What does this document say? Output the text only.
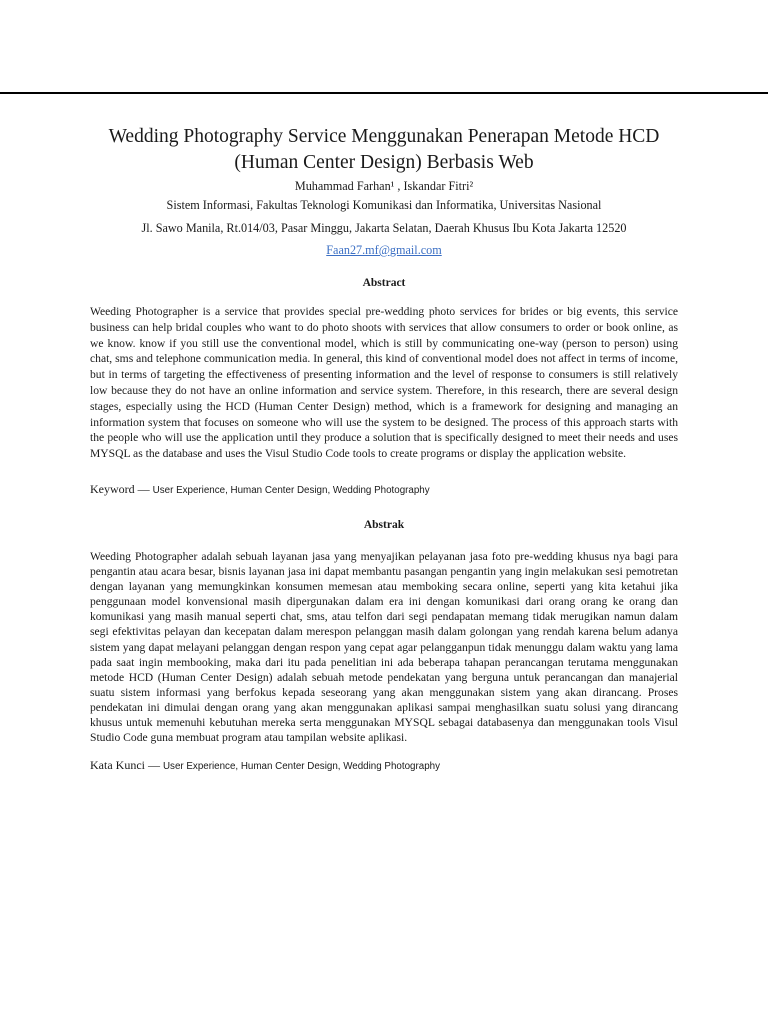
Wedding Photography Service Menggunakan Penerapan Metode HCD
(Human Center Design) Berbasis Web

Muhammad Farhan¹ , Iskandar Fitri²

Sistem Informasi, Fakultas Teknologi Komunikasi dan Informatika, Universitas Nasional

Jl. Sawo Manila, Rt.014/03, Pasar Minggu, Jakarta Selatan, Daerah Khusus Ibu Kota Jakarta 12520

Faan27.mf@gmail.com

Abstract

Weeding Photographer is a service that provides special pre-wedding photo services for brides or big events, this service business can help bridal couples who want to do photo shoots with services that allow consumers to order or book online, as we know. know if you still use the conventional model, which is still by communicating one-way (person to person) using chat, sms and telephone communication media. In general, this kind of conventional model does not affect in terms of income, but in terms of targeting the effectiveness of presenting information and the level of response to consumers is still relatively low because they do not have an online information and service system. Therefore, in this research, there are several design stages, especially using the HCD (Human Center Design) method, which is a framework for designing and managing an information system that focuses on someone who will use the system to be designed. The process of this approach starts with the people who will use the application until they produce a solution that is specifically designed to meet their needs and uses MYSQL as the database and uses the Visul Studio Code tools to create programs or display the application website.

Keyword — User Experience, Human Center Design, Wedding Photography

Abstrak

Weeding Photographer adalah sebuah layanan jasa yang menyajikan pelayanan jasa foto pre-wedding khusus nya bagi para pengantin atau acara besar, bisnis layanan jasa ini dapat membantu pasangan pengantin yang ingin melakukan sesi pemotretan dengan layanan yang memungkinkan konsumen memesan atau memboking secara online, seperti yang kita ketahui jika penggunaan model konvensional masih dipergunakan dalam era ini dengan komunikasi dari orang orang ke orang dan komunikasi yang masih manual seperti chat, sms, atau telfon dari segi pendapatan memang tidak merugikan namun dalam segi efektivitas pelayan dan kecepatan dalam merespon pelanggan masih dalam golongan yang rendah karena belum adanya sistem yang dapat melayani pelanggan dengan respon yang cepat agar pelangganpun tidak menunggu dalam waktu yang lama pada saat ingin membooking, maka dari itu pada penelitian ini ada beberapa tahapan perancangan terutama menggunakan metode HCD (Human Center Design) adalah sebuah metode pendekatan yang berguna untuk perancangan dan manajerial suatu sistem informasi yang berfokus kepada seseorang yang akan menggunakan sistem yang akan dirancang. Proses pendekatan ini dimulai dengan orang yang akan menggunakan aplikasi sampai menghasilkan suatu solusi yang dirancang khusus untuk memenuhi kebutuhan mereka serta menggunakan MYSQL sebagai databasenya dan menggunakan tools Visul Studio Code guna membuat program atau tampilan website aplikasi.

Kata Kunci — User Experience, Human Center Design, Wedding Photography
